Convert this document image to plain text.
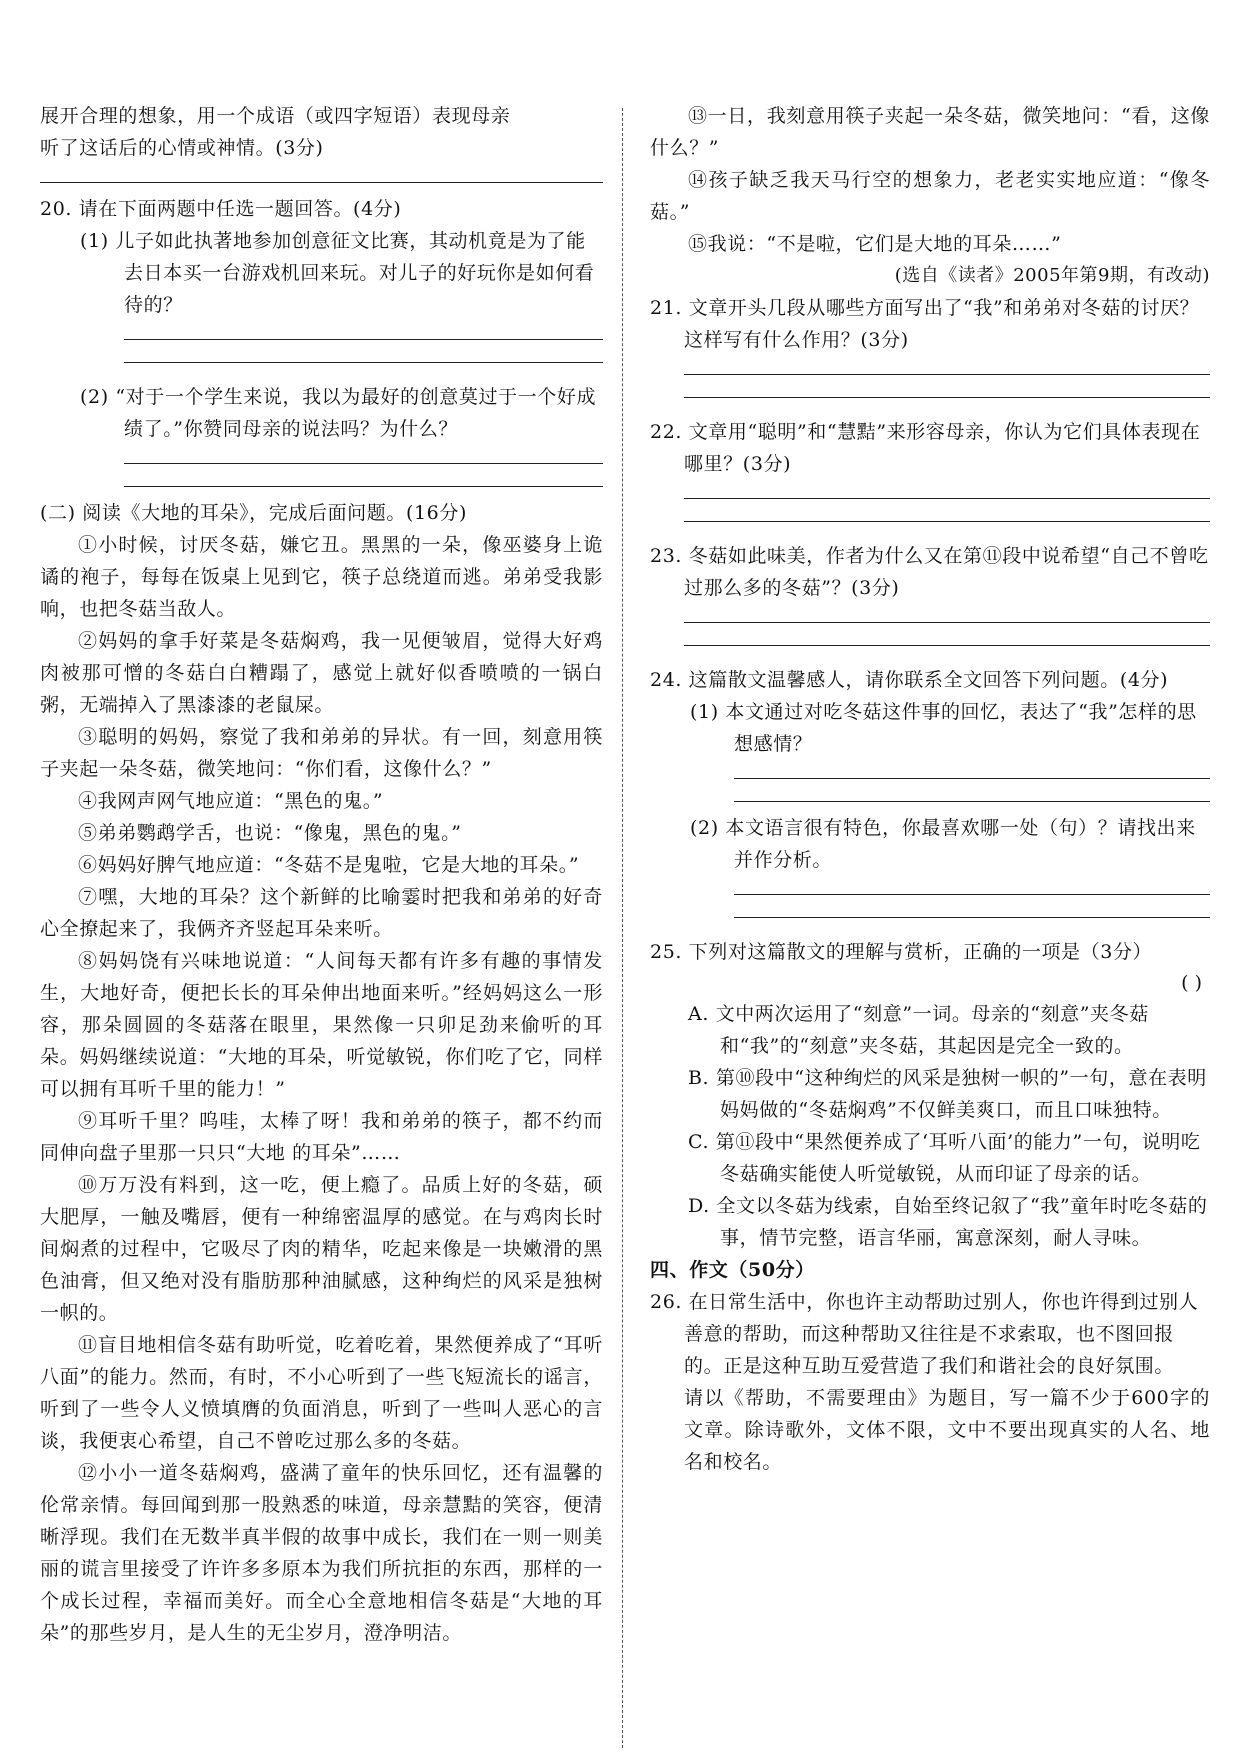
展开合理的想象，用一个成语（或四字短语）表现母亲

听了这话后的心情或神情。(3分)

20. 请在下面两题中任选一题回答。(4分)

(1) 儿子如此执著地参加创意征文比赛，其动机竟是为了能去日本买一台游戏机回来玩。对儿子的好玩你是如何看待的？

(2) “对于一个学生来说，我以为最好的创意莫过于一个好成绩了。”你赞同母亲的说法吗？为什么？

(二) 阅读《大地的耳朵》，完成后面问题。(16分)

①小时候，讨厌冬菇，嫌它丑。黑黑的一朵，像巫婆身上诡谲的袍子，每每在饭桌上见到它，筷子总绕道而逃。弟弟受我影响，也把冬菇当敌人。

②妈妈的拿手好菜是冬菇焖鸡，我一见便皱眉，觉得大好鸡肉被那可憎的冬菇白白糟蹋了，感觉上就好似香喷喷的一锅白粥，无端掉入了黑漆漆的老鼠屎。

③聪明的妈妈，察觉了我和弟弟的异状。有一回，刻意用筷子夹起一朵冬菇，微笑地问：“你们看，这像什么？”

④我网声网气地应道：“黑色的鬼。”

⑤弟弟鹦鹉学舌，也说：“像鬼，黑色的鬼。”

⑥妈妈好脾气地应道：“冬菇不是鬼啦，它是大地的耳朵。”

⑦嘿，大地的耳朵？这个新鲜的比喻霎时把我和弟弟的好奇心全撩起来了，我俩齐齐竖起耳朵来听。

⑧妈妈饶有兴味地说道：“人间每天都有许多有趣的事情发生，大地好奇，便把长长的耳朵伸出地面来听。”经妈妈这么一形容，那朵圆圆的冬菇落在眼里，果然像一只卯足劲来偷听的耳朵。妈妈继续说道：“大地的耳朵，听觉敏锐，你们吃了它，同样可以拥有耳听千里的能力！”

⑨耳听千里？呜哇，太棒了呀！我和弟弟的筷子，都不约而同伸向盘子里那一只只“大地 的耳朵”……

⑩万万没有料到，这一吃，便上瘾了。品质上好的冬菇，硕大肥厚，一触及嘴唇，便有一种绵密温厚的感觉。在与鸡肉长时间焖煮的过程中，它吸尽了肉的精华，吃起来像是一块嫩滑的黑色油膏，但又绝对没有脂肪那种油腻感，这种绚烂的风采是独树一帜的。

⑪盲目地相信冬菇有助听觉，吃着吃着，果然便养成了“耳听八面”的能力。然而，有时，不小心听到了一些飞短流长的谣言，听到了一些令人义愤填膺的负面消息，听到了一些叫人恶心的言谈，我便衷心希望，自己不曾吃过那么多的冬菇。

⑫小小一道冬菇焖鸡，盛满了童年的快乐回忆，还有温馨的伦常亲情。每回闻到那一股熟悉的味道，母亲慧黠的笑容，便清晰浮现。我们在无数半真半假的故事中成长，我们在一则一则美丽的谎言里接受了许许多多原本为我们所抗拒的东西，那样的一个成长过程，幸福而美好。而全心全意地相信冬菇是“大地的耳朵”的那些岁月，是人生的无尘岁月，澄净明洁。

⑬一日，我刻意用筷子夹起一朵冬菇，微笑地问：“看，这像什么？”

⑭孩子缺乏我天马行空的想象力，老老实实地应道：“像冬菇。”

⑮我说：“不是啦，它们是大地的耳朵……”

(选自《读者》2005年第9期，有改动)

21. 文章开头几段从哪些方面写出了“我”和弟弟对冬菇的讨厌？这样写有什么作用？(3分)

22. 文章用“聪明”和“慧黠”来形容母亲，你认为它们具体表现在哪里？(3分)

23. 冬菇如此味美，作者为什么又在第⑪段中说希望“自己不曾吃过那么多的冬菇”？(3分)

24. 这篇散文温馨感人，请你联系全文回答下列问题。(4分)

(1) 本文通过对吃冬菇这件事的回忆，表达了“我”怎样的思想感情？

(2) 本文语言很有特色，你最喜欢哪一处（句）？请找出来并作分析。

25. 下列对这篇散文的理解与赏析，正确的一项是（3分）

( )

A. 文中两次运用了“刻意”一词。母亲的“刻意”夹冬菇和“我”的“刻意”夹冬菇，其起因是完全一致的。

B. 第⑩段中“这种绚烂的风采是独树一帜的”一句，意在表明妈妈做的“冬菇焖鸡”不仅鲜美爽口，而且口味独特。

C. 第⑪段中“果然便养成了‘耳听八面’的能力”一句，说明吃冬菇确实能使人听觉敏锐，从而印证了母亲的话。

D. 全文以冬菇为线索，自始至终记叙了“我”童年时吃冬菇的事，情节完整，语言华丽，寓意深刻，耐人寻味。

四、作文（50分）

26. 在日常生活中，你也许主动帮助过别人，你也许得到过别人善意的帮助，而这种帮助又往往是不求索取，也不图回报的。正是这种互助互爱营造了我们和谐社会的良好氛围。

请以《帮助，不需要理由》为题目，写一篇不少于600字的文章。除诗歌外，文体不限，文中不要出现真实的人名、地名和校名。
